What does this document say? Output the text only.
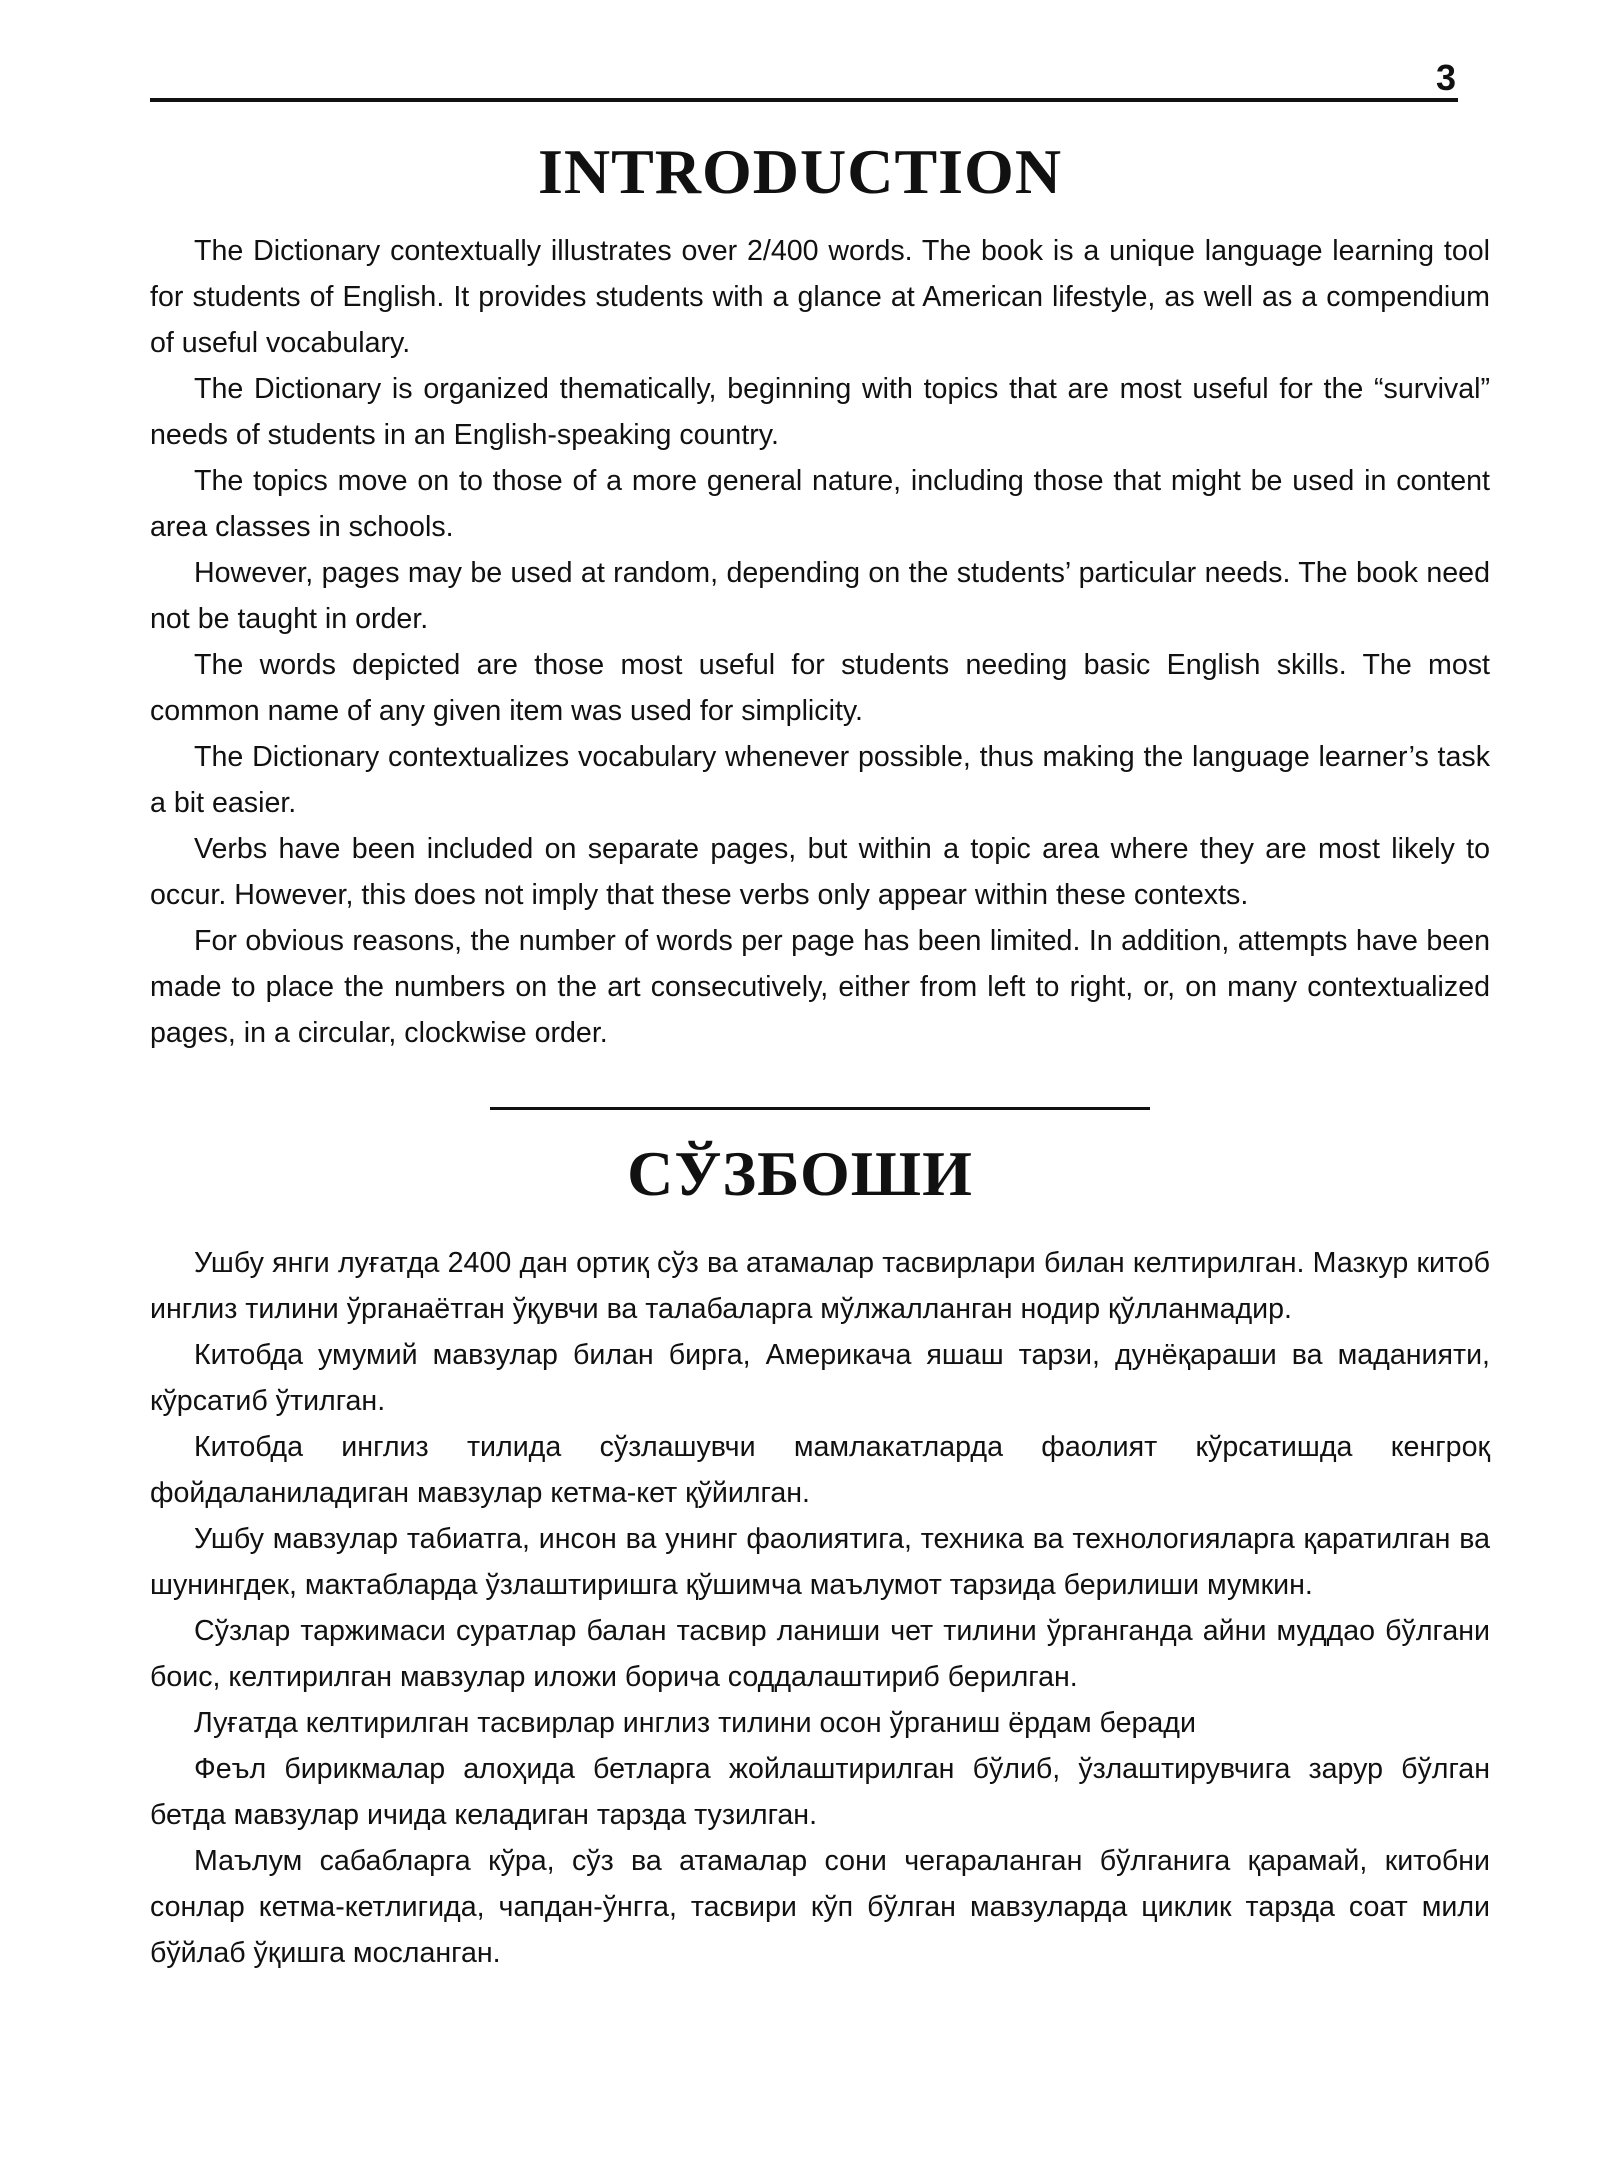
3
INTRODUCTION

The Dictionary contextually illustrates over 2/400 words. The book is a unique language learning tool for students of English. It provides students with a glance at American lifestyle, as well as a compendium of useful vocabulary.

The Dictionary is organized thematically, beginning with topics that are most useful for the “survival” needs of students in an English-speaking country.

The topics move on to those of a more general nature, including those that might be used in content area classes in schools.

However, pages may be used at random, depending on the students’ particular needs. The book need not be taught in order.

The words depicted are those most useful for students needing basic English skills. The most common name of any given item was used for simplicity.

The Dictionary contextualizes vocabulary whenever possible, thus making the language learner’s task a bit easier.

Verbs have been included on separate pages, but within a topic area where they are most likely to occur. However, this does not imply that these verbs only appear within these contexts.

For obvious reasons, the number of words per page has been limited. In addition, attempts have been made to place the numbers on the art consecutively, either from left to right, or, on many contextualized pages, in a circular, clockwise order.

СЎЗБОШИ

Ушбу янги луғатда 2400 дан ортиқ сўз ва атамалар тасвирлари билан келтирилган. Мазкур китоб инглиз тилини ўрганаётган ўқувчи ва талабаларга мўлжалланган нодир қўлланмадир.

Китобда умумий мавзулар билан бирга, Америкача яшаш тарзи, дунёқараши ва маданияти, кўрсатиб ўтилган.

Китобда инглиз тилида сўзлашувчи мамлакатларда фаолият кўрсатишда кенгроқ фойдаланиладиган мавзулар кетма-кет қўйилган.

Ушбу мавзулар табиатга, инсон ва унинг фаолиятига, техника ва технологияларга қаратилган ва шунингдек, мактабларда ўзлаштиришга қўшимча маълумот тарзида берилиши мумкин.

Сўзлар таржимаси суратлар балан тасвир ланиши чет тилини ўрганганда айни муддао бўлгани боис, келтирилган мавзулар иложи борича соддалаштириб берилган.

Луғатда келтирилган тасвирлар инглиз тилини осон ўрганиш ёрдам беради

Феъл бирикмалар алоҳида бетларга жойлаштирилган бўлиб, ўзлаштирувчига зарур бўлган бетда мавзулар ичида келадиган тарзда тузилган.

Маълум сабабларга кўра, сўз ва атамалар сони чегараланган бўлганига қарамай, китобни сонлар кетма-кетлигида, чапдан-ўнгга, тасвири кўп бўлган мавзуларда циклик тарзда соат мили бўйлаб ўқишга мосланган.
